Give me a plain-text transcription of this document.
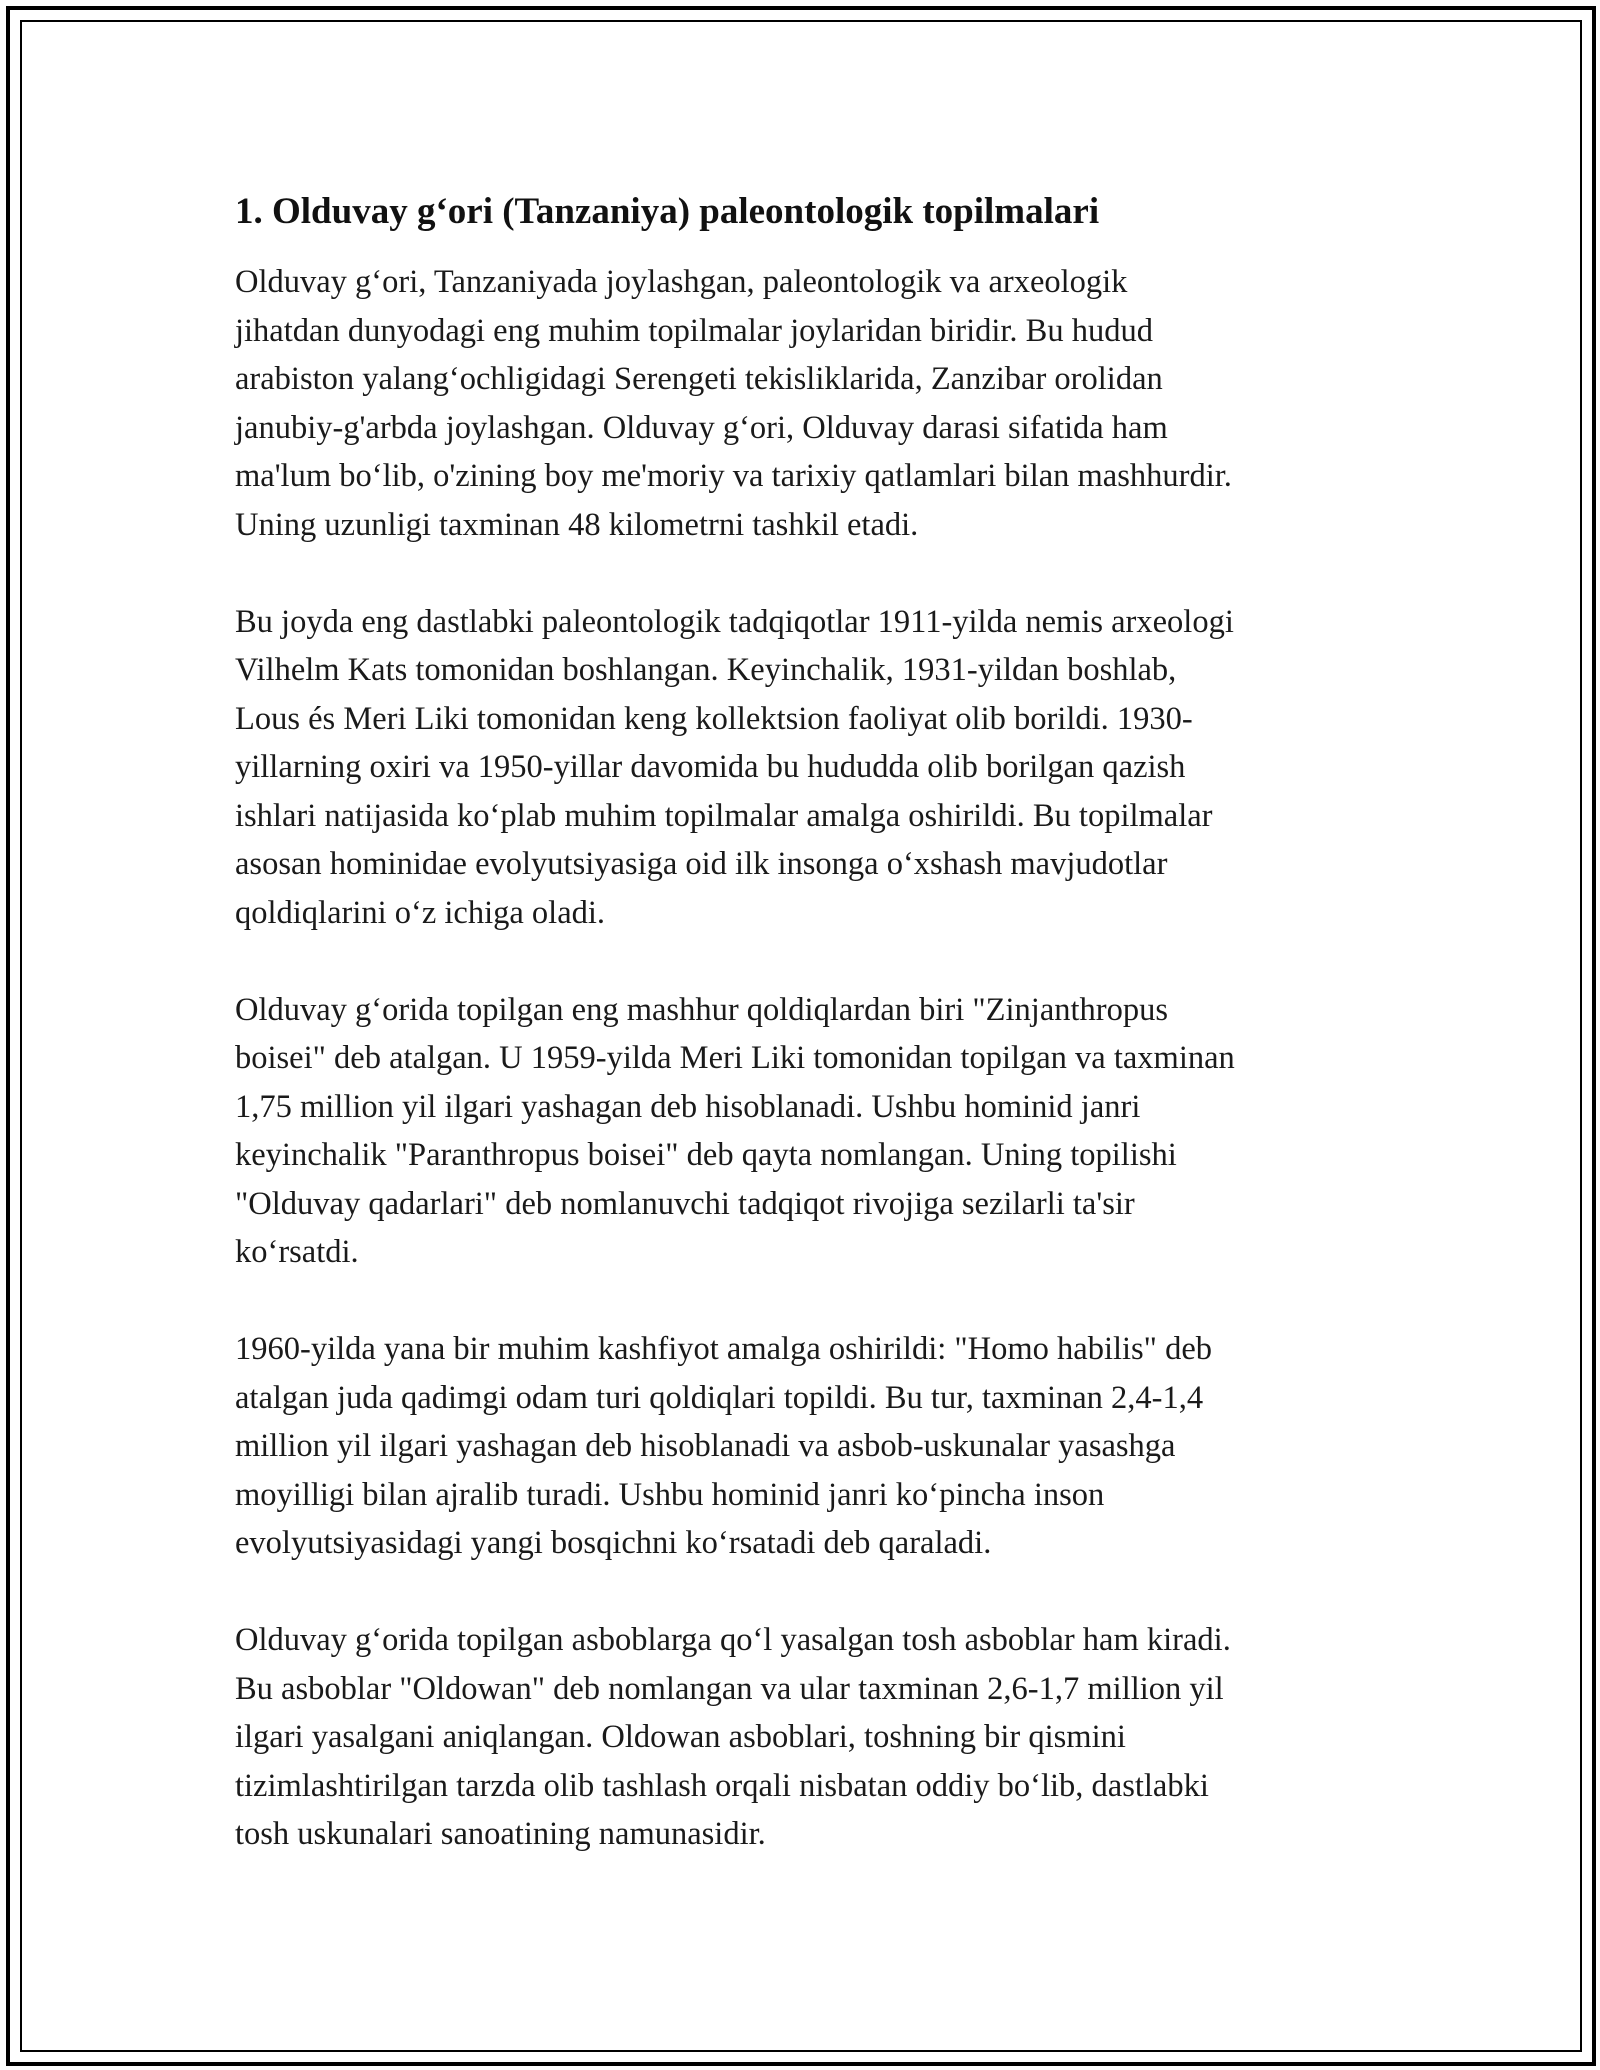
1. Olduvay g‘ori (Tanzaniya) paleontologik topilmalari

Olduvay g‘ori, Tanzaniyada joylashgan, paleontologik va arxeologik
jihatdan dunyodagi eng muhim topilmalar joylaridan biridir. Bu hudud
arabiston yalang‘ochligidagi Serengeti tekisliklarida, Zanzibar orolidan
janubiy-g'arbda joylashgan. Olduvay g‘ori, Olduvay darasi sifatida ham
ma'lum bo‘lib, o'zining boy me'moriy va tarixiy qatlamlari bilan mashhurdir.
Uning uzunligi taxminan 48 kilometrni tashkil etadi.

Bu joyda eng dastlabki paleontologik tadqiqotlar 1911-yilda nemis arxeologi
Vilhelm Kats tomonidan boshlangan. Keyinchalik, 1931-yildan boshlab,
Lous és Meri Liki tomonidan keng kollektsion faoliyat olib borildi. 1930-
yillarning oxiri va 1950-yillar davomida bu hududda olib borilgan qazish
ishlari natijasida ko‘plab muhim topilmalar amalga oshirildi. Bu topilmalar
asosan hominidae evolyutsiyasiga oid ilk insonga o‘xshash mavjudotlar
qoldiqlarini o‘z ichiga oladi.

Olduvay g‘orida topilgan eng mashhur qoldiqlardan biri "Zinjanthropus
boisei" deb atalgan. U 1959-yilda Meri Liki tomonidan topilgan va taxminan
1,75 million yil ilgari yashagan deb hisoblanadi. Ushbu hominid janri
keyinchalik "Paranthropus boisei" deb qayta nomlangan. Uning topilishi
"Olduvay qadarlari" deb nomlanuvchi tadqiqot rivojiga sezilarli ta'sir
ko‘rsatdi.

1960-yilda yana bir muhim kashfiyot amalga oshirildi: "Homo habilis" deb
atalgan juda qadimgi odam turi qoldiqlari topildi. Bu tur, taxminan 2,4-1,4
million yil ilgari yashagan deb hisoblanadi va asbob-uskunalar yasashga
moyilligi bilan ajralib turadi. Ushbu hominid janri ko‘pincha inson
evolyutsiyasidagi yangi bosqichni ko‘rsatadi deb qaraladi.

Olduvay g‘orida topilgan asboblarga qo‘l yasalgan tosh asboblar ham kiradi.
Bu asboblar "Oldowan" deb nomlangan va ular taxminan 2,6-1,7 million yil
ilgari yasalgani aniqlangan. Oldowan asboblari, toshning bir qismini
tizimlashtirilgan tarzda olib tashlash orqali nisbatan oddiy bo‘lib, dastlabki
tosh uskunalari sanoatining namunasidir.
